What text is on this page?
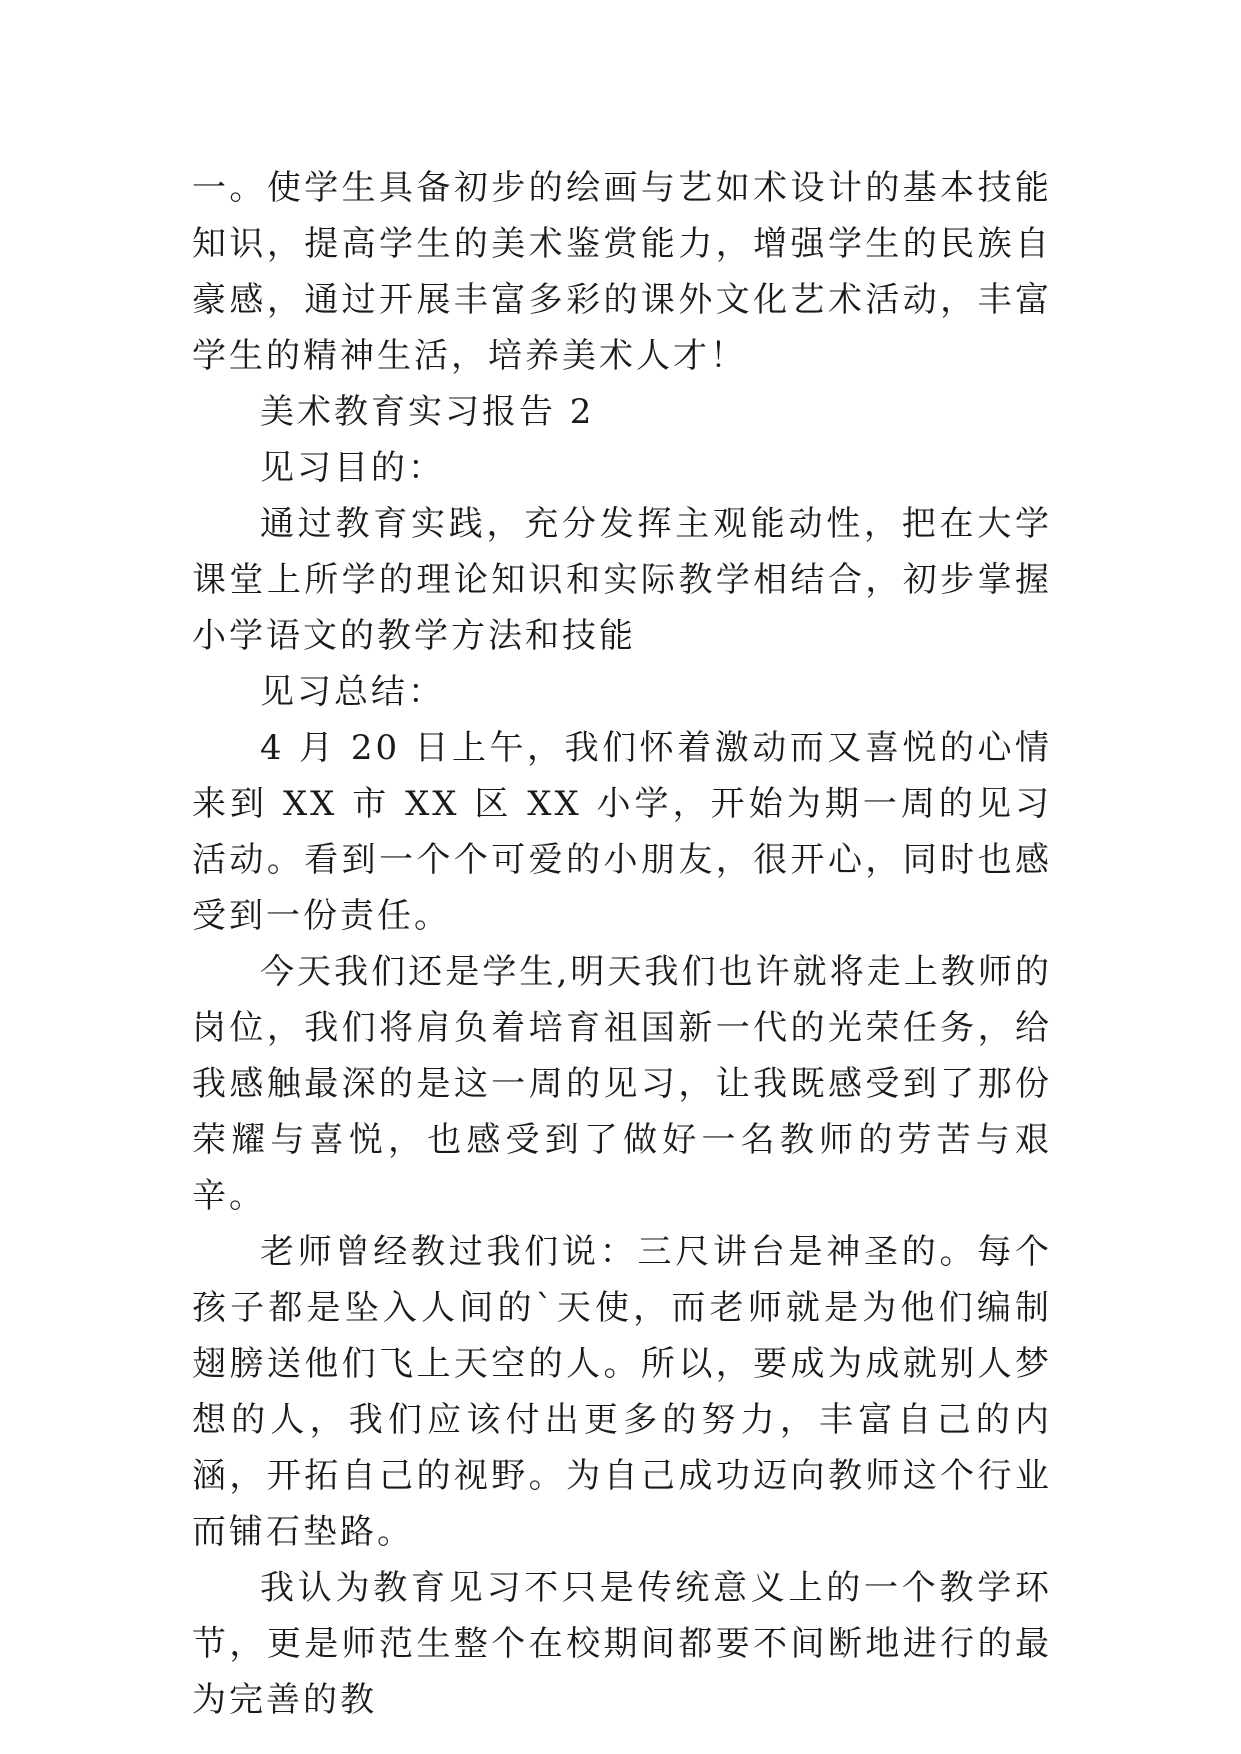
一。使学生具备初步的绘画与艺如术设计的基本技能知识，提高学生的美术鉴赏能力，增强学生的民族自豪感，通过开展丰富多彩的课外文化艺术活动，丰富学生的精神生活，培养美术人才！

美术教育实习报告 2

见习目的：

通过教育实践，充分发挥主观能动性，把在大学课堂上所学的理论知识和实际教学相结合，初步掌握小学语文的教学方法和技能

见习总结：

4 月 20 日上午，我们怀着激动而又喜悦的心情来到 XX 市 XX 区 XX 小学，开始为期一周的见习活动。看到一个个可爱的小朋友，很开心，同时也感受到一份责任。

今天我们还是学生,明天我们也许就将走上教师的岗位，我们将肩负着培育祖国新一代的光荣任务，给我感触最深的是这一周的见习，让我既感受到了那份荣耀与喜悦，也感受到了做好一名教师的劳苦与艰辛。

老师曾经教过我们说：三尺讲台是神圣的。每个孩子都是坠入人间的`天使，而老师就是为他们编制翅膀送他们飞上天空的人。所以，要成为成就别人梦想的人，我们应该付出更多的努力，丰富自己的内涵，开拓自己的视野。为自己成功迈向教师这个行业而铺石垫路。

我认为教育见习不只是传统意义上的一个教学环节，更是师范生整个在校期间都要不间断地进行的最为完善的教
